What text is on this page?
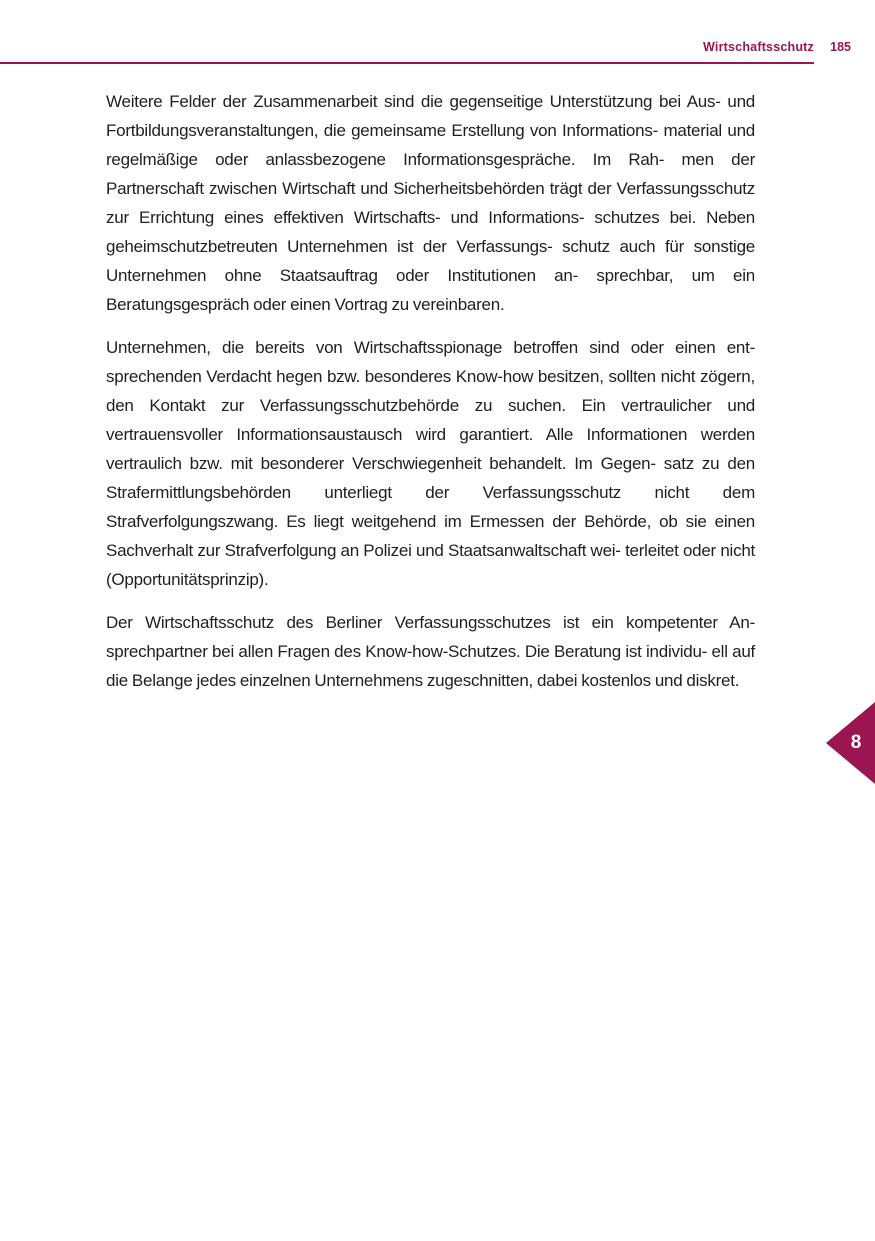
Wirtschaftsschutz 185

Weitere Felder der Zusammenarbeit sind die gegenseitige Unterstützung bei Aus- und Fortbildungsveranstaltungen, die gemeinsame Erstellung von Informations- material und regelmäßige oder anlassbezogene Informationsgespräche. Im Rah- men der Partnerschaft zwischen Wirtschaft und Sicherheitsbehörden trägt der Verfassungsschutz zur Errichtung eines effektiven Wirtschafts- und Informations- schutzes bei. Neben geheimschutzbetreuten Unternehmen ist der Verfassungs- schutz auch für sonstige Unternehmen ohne Staatsauftrag oder Institutionen an- sprechbar, um ein Beratungsgespräch oder einen Vortrag zu vereinbaren.

Unternehmen, die bereits von Wirtschaftsspionage betroffen sind oder einen ent- sprechenden Verdacht hegen bzw. besonderes Know-how besitzen, sollten nicht zögern, den Kontakt zur Verfassungsschutzbehörde zu suchen. Ein vertraulicher und vertrauensvoller Informationsaustausch wird garantiert. Alle Informationen werden vertraulich bzw. mit besonderer Verschwiegenheit behandelt. Im Gegen- satz zu den Strafermittlungsbehörden unterliegt der Verfassungsschutz nicht dem Strafverfolgungszwang. Es liegt weitgehend im Ermessen der Behörde, ob sie einen Sachverhalt zur Strafverfolgung an Polizei und Staatsanwaltschaft wei- terleitet oder nicht (Opportunitätsprinzip).

Der Wirtschaftsschutz des Berliner Verfassungsschutzes ist ein kompetenter An- sprechpartner bei allen Fragen des Know-how-Schutzes. Die Beratung ist individu- ell auf die Belange jedes einzelnen Unternehmens zugeschnitten, dabei kostenlos und diskret.

8
